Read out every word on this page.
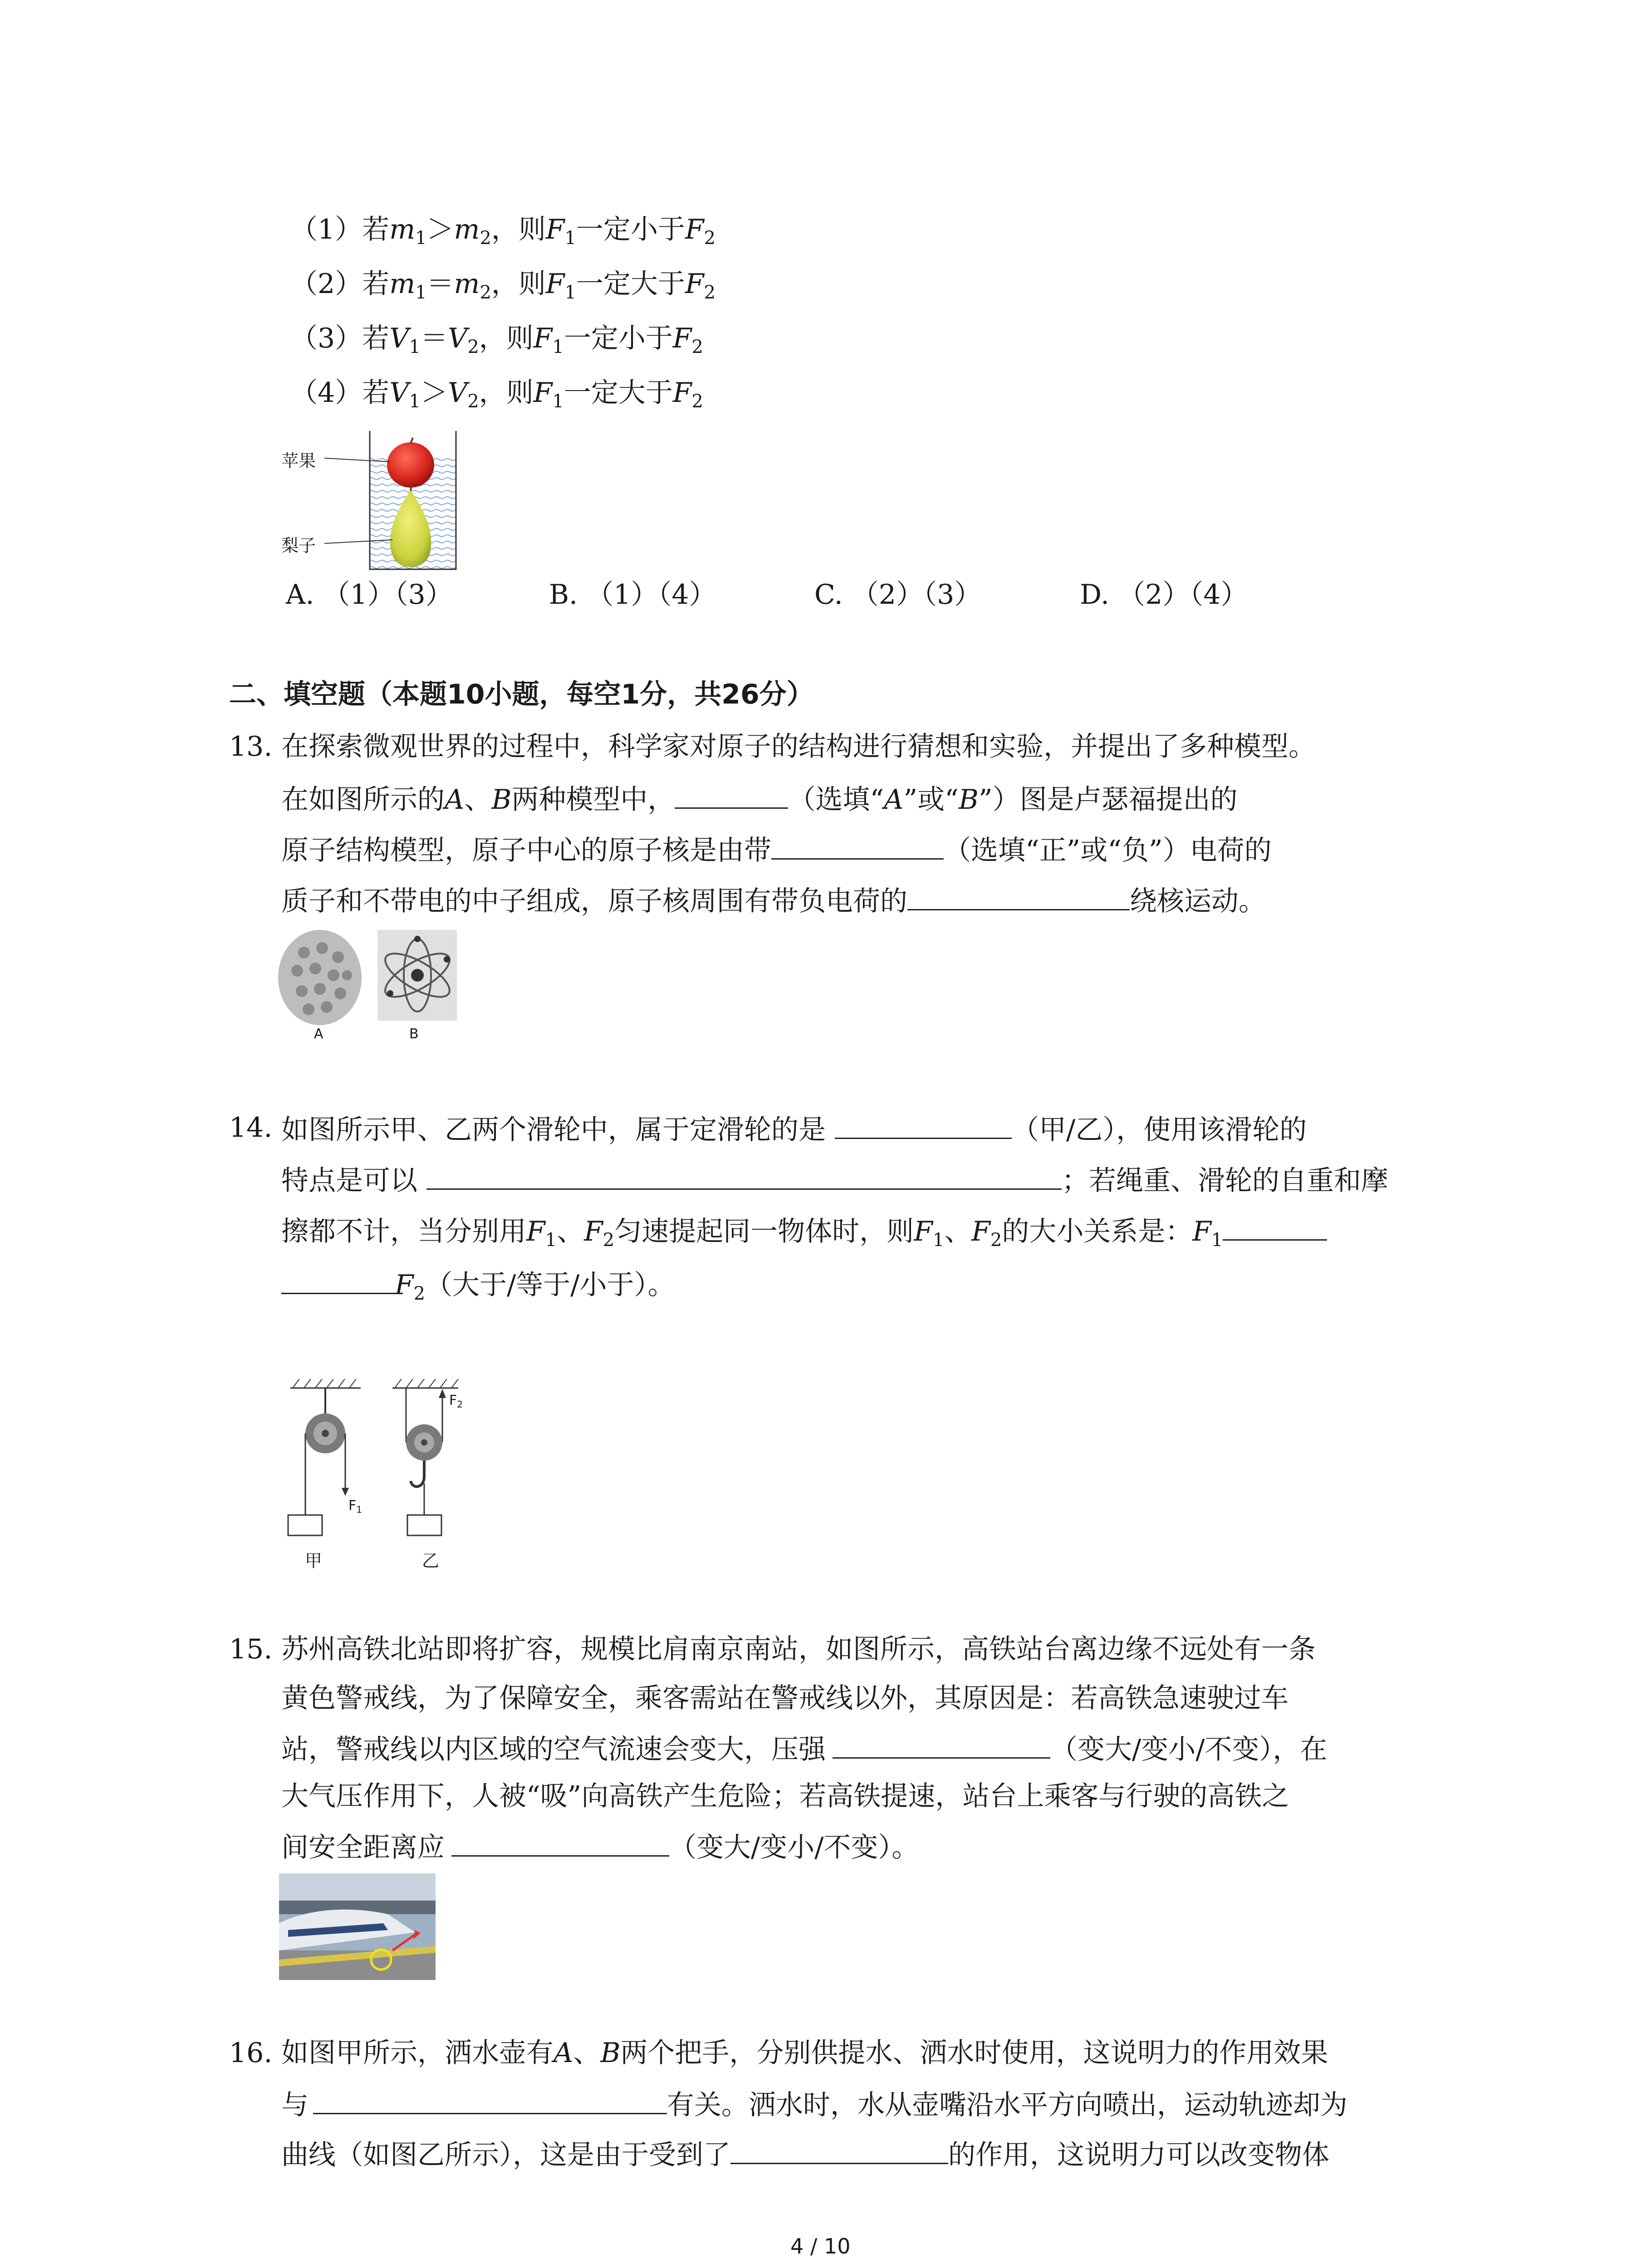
（1）若$m_1>m_2$，则$F_1$一定小于$F_2$
（2）若$m_1=m_2$，则$F_1$一定大于$F_2$
（3）若$V_1=V_2$，则$F_1$一定小于$F_2$
（4）若$V_1>V_2$，则$F_1$一定大于$F_2$
苹果
梨子
A. （1）（3）	B. （1）（4）	C. （2）（3）	D. （2）（4）
二、填空题（本题10小题，每空1分，共26分）
13. 在探索微观世界的过程中，科学家对原子的结构进行猜想和实验，并提出了多种模型。
在如图所示的A、B两种模型中，	（选填“A”或“B”）图是卢瑟福提出的
原子结构模型，原子中心的原子核是由带	（选填“正”或“负”）电荷的
质子和不带电的中子组成，原子核周围有带负电荷的	绕核运动。
A	B
14. 如图所示甲、乙两个滑轮中，属于定滑轮的是	（甲/乙），使用该滑轮的
特点是可以	；若绳重、滑轮的自重和摩
擦都不计，当分别用$F_1$、$F_2$匀速提起同一物体时，则$F_1$、$F_2$的大小关系是：$F_1$
$F_2$（大于/等于/小于）。
$F_1$
$F_2$
甲	乙
15. 苏州高铁北站即将扩容，规模比肩南京南站，如图所示，高铁站台离边缘不远处有一条
黄色警戒线，为了保障安全，乘客需站在警戒线以外，其原因是：若高铁急速驶过车
站，警戒线以内区域的空气流速会变大，压强	（变大/变小/不变），在
大气压作用下，人被“吸”向高铁产生危险；若高铁提速，站台上乘客与行驶的高铁之
间安全距离应	（变大/变小/不变）。
16. 如图甲所示，洒水壶有A、B两个把手，分别供提水、洒水时使用，这说明力的作用效果
与	有关。洒水时，水从壶嘴沿水平方向喷出，运动轨迹却为
曲线（如图乙所示），这是由于受到了	的作用，这说明力可以改变物体
4 / 10
